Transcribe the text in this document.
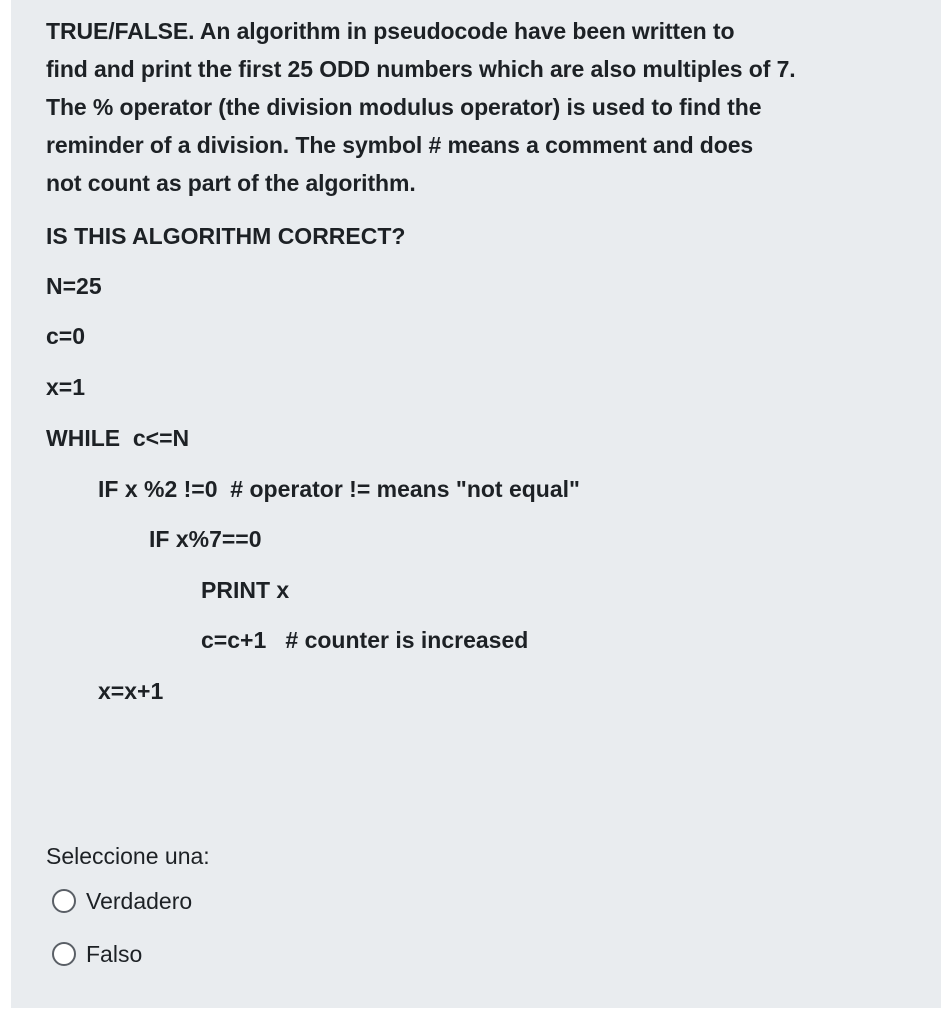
TRUE/FALSE. An algorithm in pseudocode have been written to
find and print the first 25 ODD numbers which are also multiples of 7.
The % operator (the division modulus operator) is used to find the
reminder of a division. The symbol # means a comment and does
not count as part of the algorithm.

IS THIS ALGORITHM CORRECT?
N=25
c=0
x=1
WHILE  c<=N
IF x %2 !=0  # operator != means "not equal"
IF x%7==0
PRINT x
c=c+1   # counter is increased
x=x+1
Seleccione una:
Verdadero
Falso
